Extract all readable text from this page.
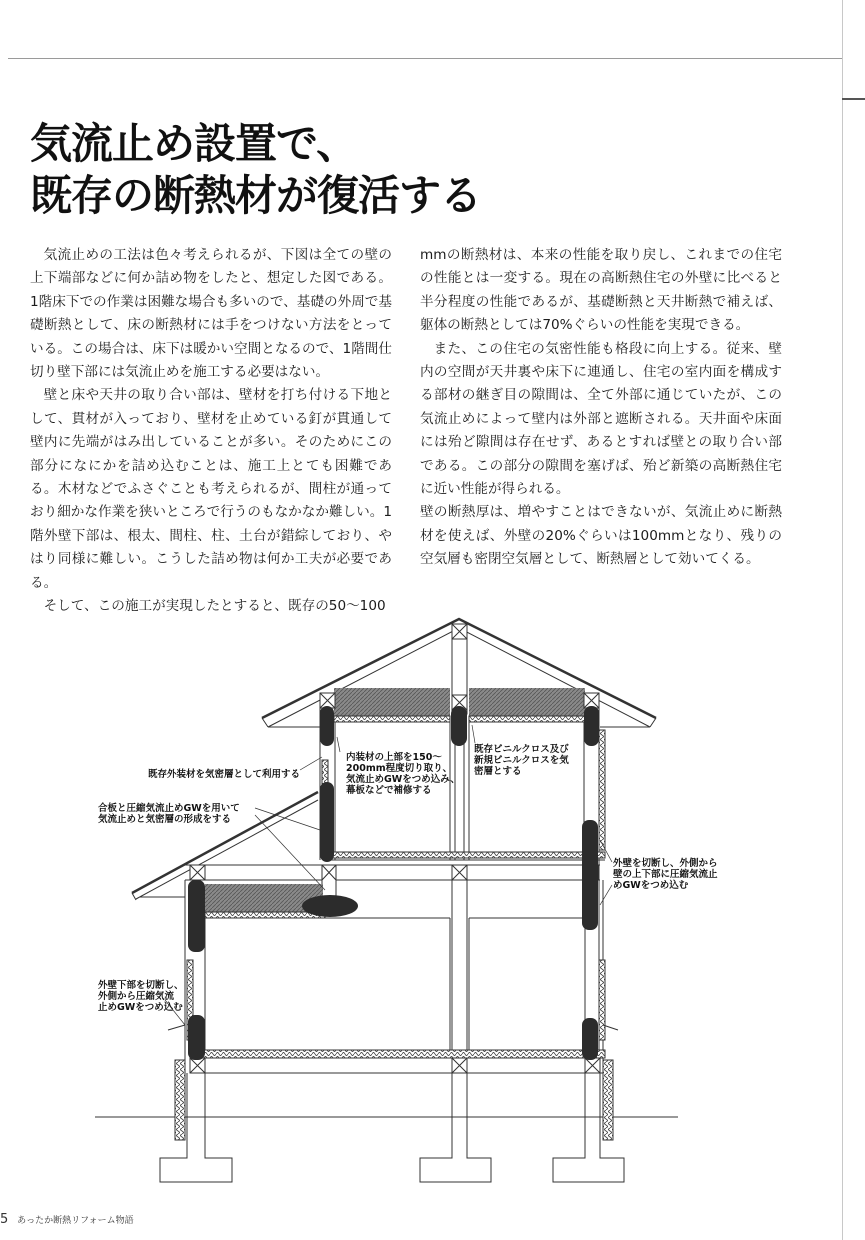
気流止め設置で、
既存の断熱材が復活する

気流止めの工法は色々考えられるが、下図は全ての壁の上下端部などに何か詰め物をしたと、想定した図である。1階床下での作業は困難な場合も多いので、基礎の外周で基礎断熱として、床の断熱材には手をつけない方法をとっている。この場合は、床下は暖かい空間となるので、1階間仕切り壁下部には気流止めを施工する必要はない。

壁と床や天井の取り合い部は、壁材を打ち付ける下地として、貫材が入っており、壁材を止めている釘が貫通して壁内に先端がはみ出していることが多い。そのためにこの部分になにかを詰め込むことは、施工上とても困難である。木材などでふさぐことも考えられるが、間柱が通っており細かな作業を狭いところで行うのもなかなか難しい。1階外壁下部は、根太、間柱、柱、土台が錯綜しており、やはり同様に難しい。こうした詰め物は何か工夫が必要である。

そして、この施工が実現したとすると、既存の50〜100

mmの断熱材は、本来の性能を取り戻し、これまでの住宅の性能とは一変する。現在の高断熱住宅の外壁に比べると半分程度の性能であるが、基礎断熱と天井断熱で補えば、躯体の断熱としては70%ぐらいの性能を実現できる。

また、この住宅の気密性能も格段に向上する。従来、壁内の空間が天井裏や床下に連通し、住宅の室内面を構成する部材の継ぎ目の隙間は、全て外部に通じていたが、この気流止めによって壁内は外部と遮断される。天井面や床面には殆ど隙間は存在せず、あるとすれば壁との取り合い部である。この部分の隙間を塞げば、殆ど新築の高断熱住宅に近い性能が得られる。

壁の断熱厚は、増やすことはできないが、気流止めに断熱材を使えば、外壁の20%ぐらいは100mmとなり、残りの空気層も密閉空気層として、断熱層として効いてくる。

既存外装材を気密層として利用する
合板と圧縮気流止めGWを用いて
気流止めと気密層の形成をする
内装材の上部を150〜
200mm程度切り取り、
気流止めGWをつめ込み、
幕板などで補修する
既存ビニルクロス及び
新規ビニルクロスを気
密層とする
外壁を切断し、外側から
壁の上下部に圧縮気流止
めGWをつめ込む
外壁下部を切断し、
外側から圧縮気流
止めGWをつめ込む
5 あったか断熱リフォーム物語
